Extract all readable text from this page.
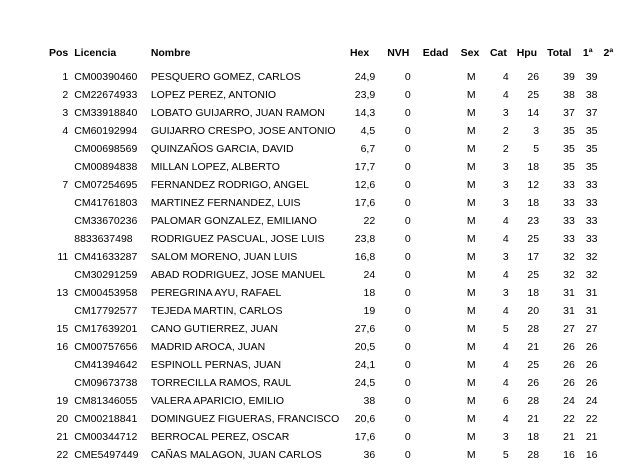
Pos	Licencia	Nombre	Hex	NVH	Edad	Sex	Cat	Hpu	Total	1ª	2ª
1	CM00390460	PESQUERO GOMEZ, CARLOS	24,9	0		M	4	26	39	39	
2	CM22674933	LOPEZ PEREZ, ANTONIO	23,9	0		M	4	25	38	38	
3	CM33918840	LOBATO GUIJARRO, JUAN RAMON	14,3	0		M	3	14	37	37	
4	CM60192994	GUIJARRO CRESPO, JOSE ANTONIO	4,5	0		M	2	3	35	35	
	CM00698569	QUINZAÑOS GARCIA, DAVID	6,7	0		M	2	5	35	35	
	CM00894838	MILLAN LOPEZ, ALBERTO	17,7	0		M	3	18	35	35	
7	CM07254695	FERNANDEZ RODRIGO, ANGEL	12,6	0		M	3	12	33	33	
	CM41761803	MARTINEZ FERNANDEZ, LUIS	17,6	0		M	3	18	33	33	
	CM33670236	PALOMAR GONZALEZ, EMILIANO	22	0		M	4	23	33	33	
	8833637498	RODRIGUEZ PASCUAL, JOSE LUIS	23,8	0		M	4	25	33	33	
11	CM41633287	SALOM MORENO, JUAN LUIS	16,8	0		M	3	17	32	32	
	CM30291259	ABAD RODRIGUEZ, JOSE MANUEL	24	0		M	4	25	32	32	
13	CM00453958	PEREGRINA AYU, RAFAEL	18	0		M	3	18	31	31	
	CM17792577	TEJEDA MARTIN, CARLOS	19	0		M	4	20	31	31	
15	CM17639201	CANO GUTIERREZ, JUAN	27,6	0		M	5	28	27	27	
16	CM00757656	MADRID AROCA, JUAN	20,5	0		M	4	21	26	26	
	CM41394642	ESPINOLL PERNAS, JUAN	24,1	0		M	4	25	26	26	
	CM09673738	TORRECILLA RAMOS, RAUL	24,5	0		M	4	26	26	26	
19	CM81346055	VALERA APARICIO, EMILIO	38	0		M	6	28	24	24	
20	CM00218841	DOMINGUEZ FIGUERAS, FRANCISCO	20,6	0		M	4	21	22	22	
21	CM00344712	BERROCAL PEREZ, OSCAR	17,6	0		M	3	18	21	21	
22	CME5497449	CAÑAS MALAGON, JUAN CARLOS	36	0		M	5	28	16	16	
